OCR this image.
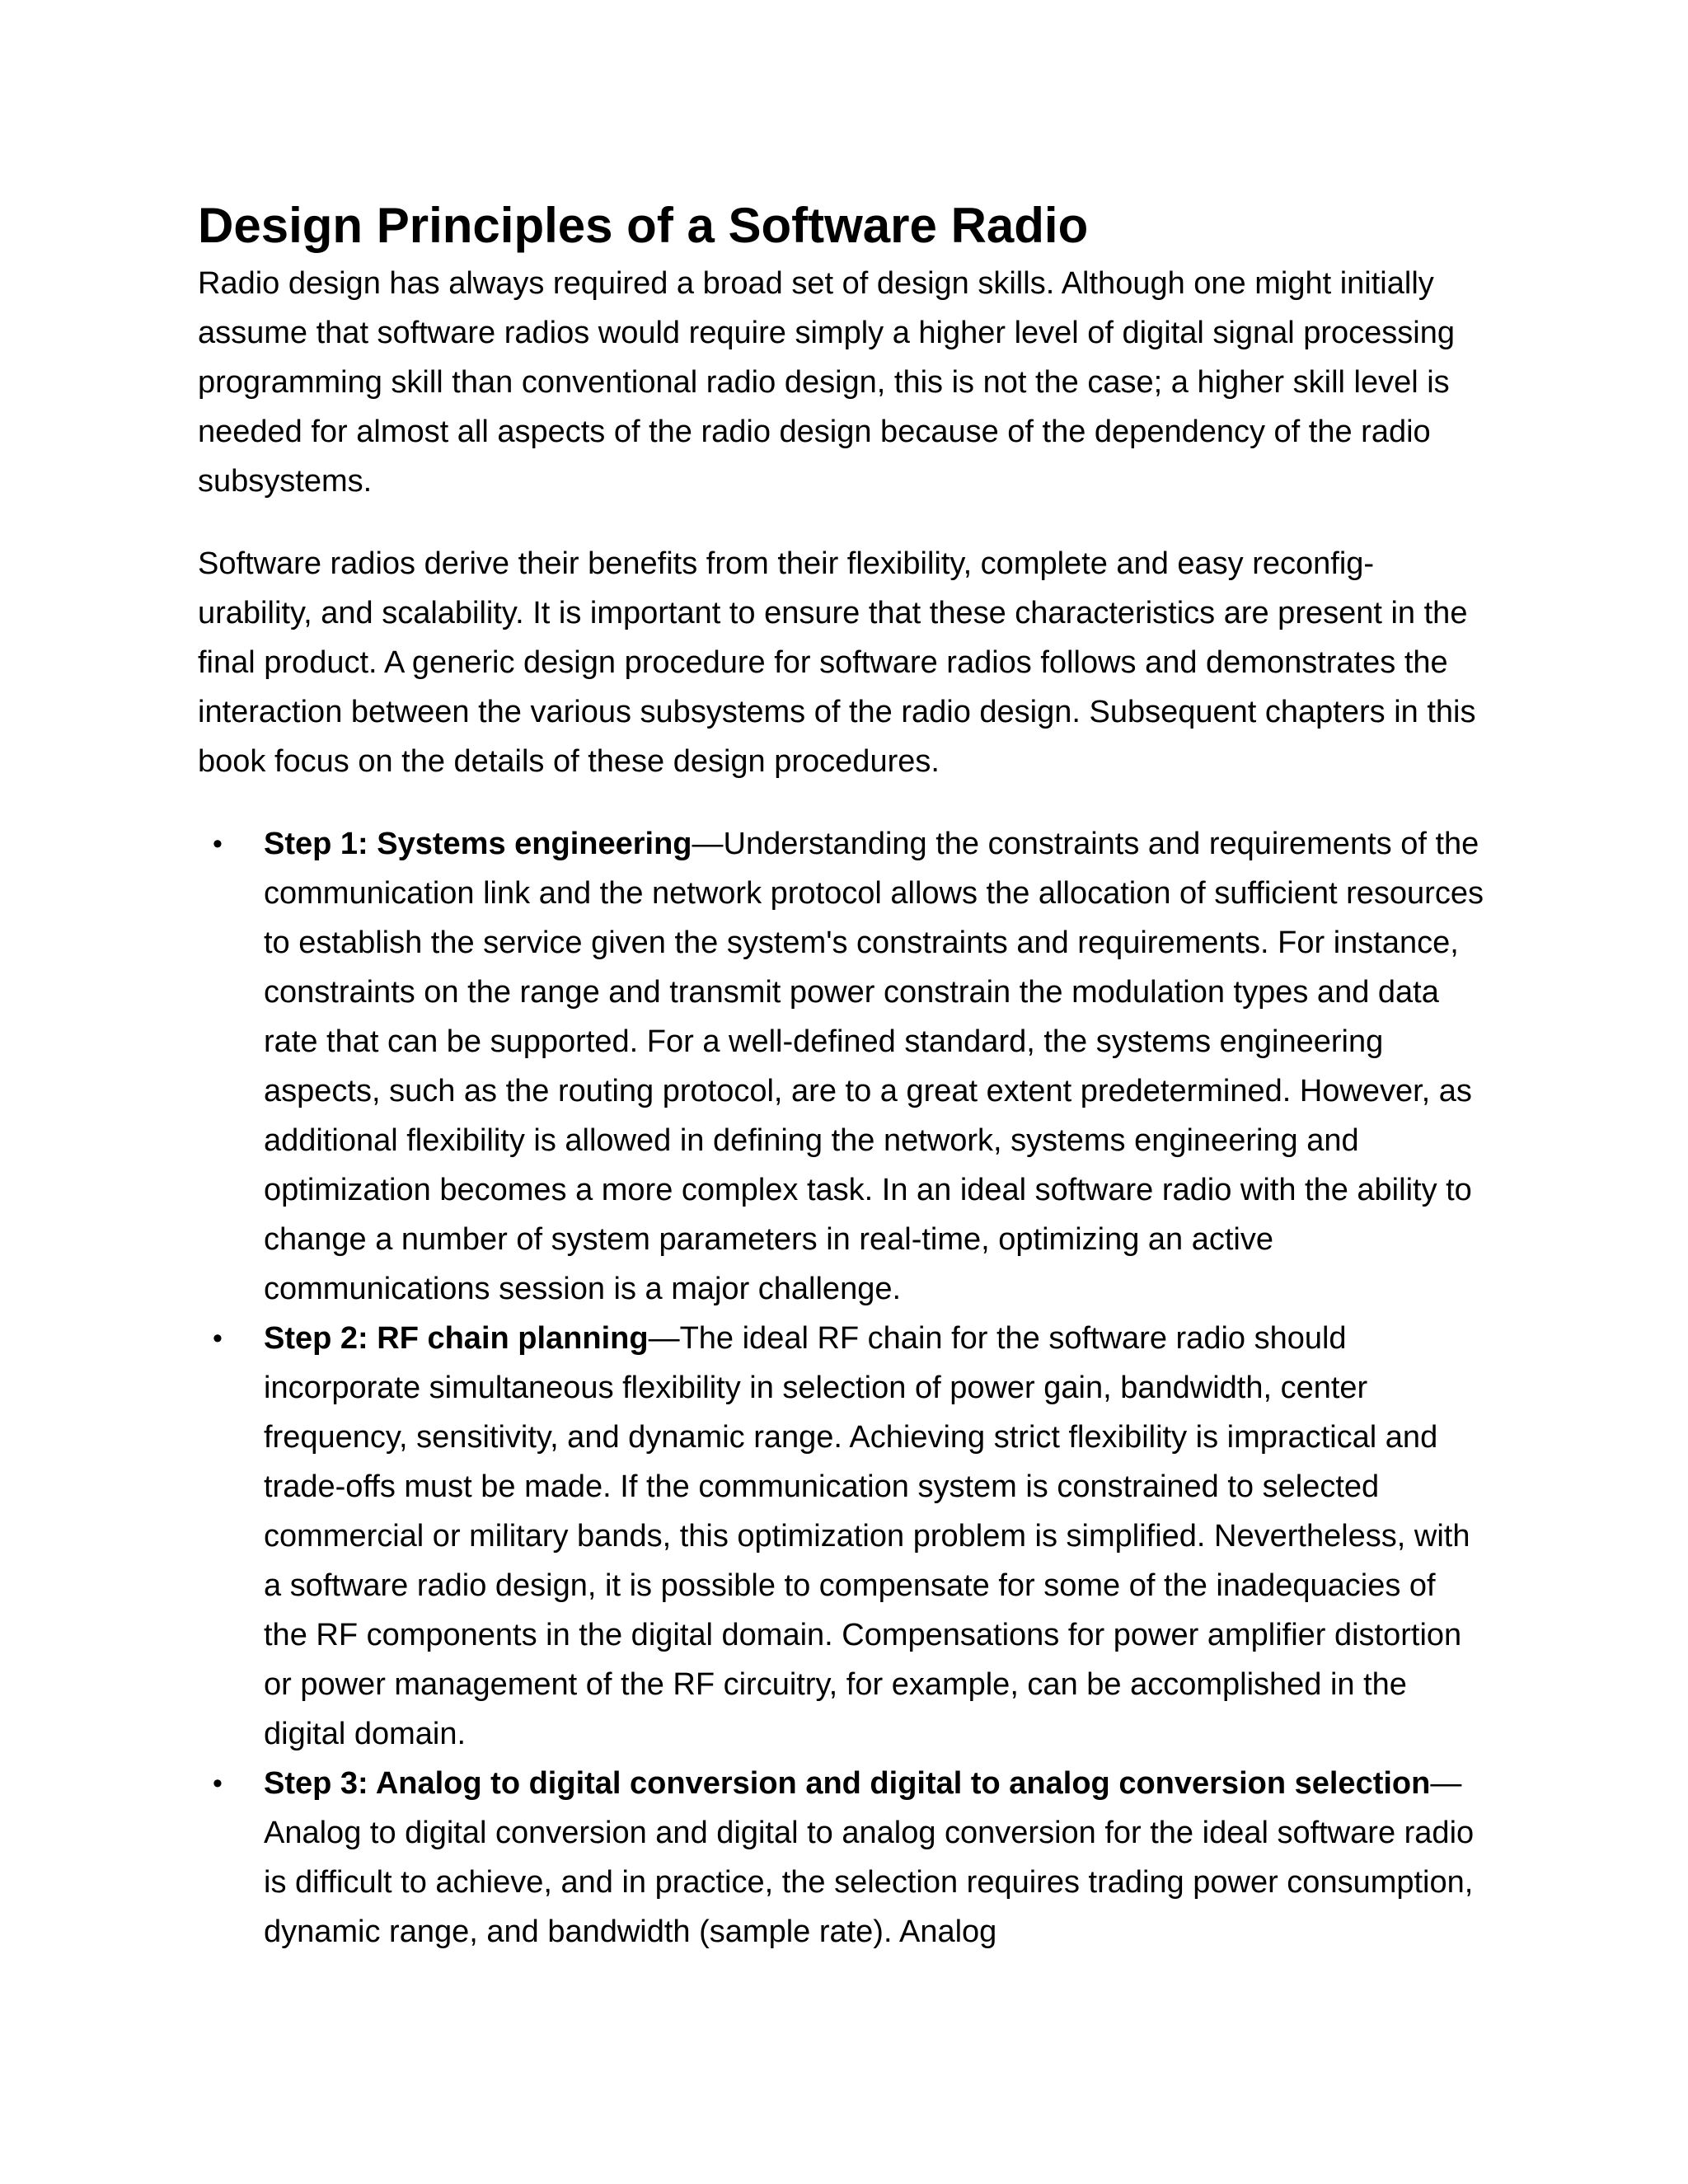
Design Principles of a Software Radio

Radio design has always required a broad set of design skills. Although one might initially assume that software radios would require simply a higher level of digital signal processing programming skill than conventional radio design, this is not the case; a higher skill level is needed for almost all aspects of the radio design because of the dependency of the radio subsystems.

Software radios derive their benefits from their flexibility, complete and easy reconfig-urability, and scalability. It is important to ensure that these characteristics are present in the final product. A generic design procedure for software radios follows and demonstrates the interaction between the various subsystems of the radio design. Subsequent chapters in this book focus on the details of these design procedures.

• Step 1: Systems engineering—Understanding the constraints and requirements of the communication link and the network protocol allows the allocation of sufficient resources to establish the service given the system's constraints and requirements. For instance, constraints on the range and transmit power constrain the modulation types and data rate that can be supported. For a well-defined standard, the systems engineering aspects, such as the routing protocol, are to a great extent predetermined. However, as additional flexibility is allowed in defining the network, systems engineering and optimization becomes a more complex task. In an ideal software radio with the ability to change a number of system parameters in real-time, optimizing an active communications session is a major challenge.
• Step 2: RF chain planning—The ideal RF chain for the software radio should incorporate simultaneous flexibility in selection of power gain, bandwidth, center frequency, sensitivity, and dynamic range. Achieving strict flexibility is impractical and trade-offs must be made. If the communication system is constrained to selected commercial or military bands, this optimization problem is simplified. Nevertheless, with a software radio design, it is possible to compensate for some of the inadequacies of the RF components in the digital domain. Compensations for power amplifier distortion or power management of the RF circuitry, for example, can be accomplished in the digital domain.
• Step 3: Analog to digital conversion and digital to analog conversion selection—Analog to digital conversion and digital to analog conversion for the ideal software radio is difficult to achieve, and in practice, the selection requires trading power consumption, dynamic range, and bandwidth (sample rate). Analog
